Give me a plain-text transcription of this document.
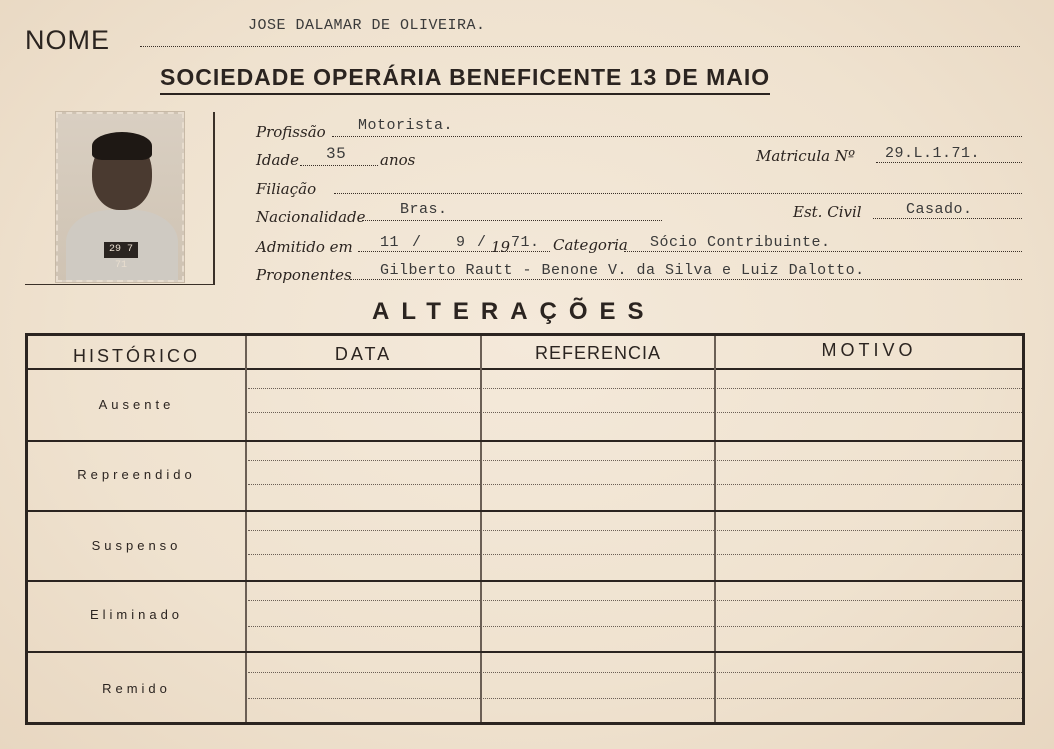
NOME	JOSE DALAMAR DE OLIVEIRA.
SOCIEDADE OPERÁRIA BENEFICENTE 13 DE MAIO
29 7 71
Profissão Motorista.
Idade 35 anos	Matricula Nº 29.L.1.71.
Filiação
Nacionalidade Bras.	Est. Civil	Casado.
Admitido em 11 / 9 / 19 71. Categoria Sócio Contribuinte.
Proponentes Gilberto Rautt - Benone V. da Silva e Luiz Dalotto.
ALTERAÇÕES
HISTÓRICO	DATA	REFERENCIA	MOTIVO
Ausente
Repreendido
Suspenso
Eliminado
Remido
